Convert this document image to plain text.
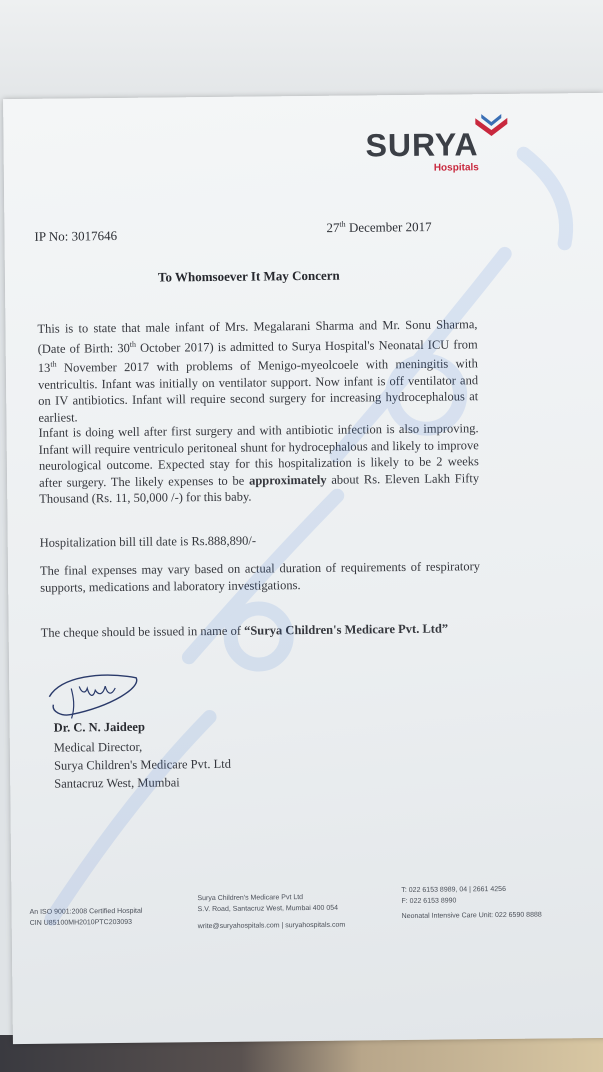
SURYA
Hospitals
IP No: 3017646
27th December 2017
To Whomsoever It May Concern

This is to state that male infant of Mrs. Megalarani Sharma and Mr. Sonu Sharma, (Date of Birth: 30th October 2017) is admitted to Surya Hospital's Neonatal ICU from 13th November 2017 with problems of Menigo-myeolcoele with meningitis with ventricultis. Infant was initially on ventilator support. Now infant is off ventilator and on IV antibiotics. Infant will require second surgery for increasing hydrocephalous at earliest.

Infant is doing well after first surgery and with antibiotic infection is also improving. Infant will require ventriculo peritoneal shunt for hydrocephalous and likely to improve neurological outcome. Expected stay for this hospitalization is likely to be 2 weeks after surgery. The likely expenses to be approximately about Rs. Eleven Lakh Fifty Thousand (Rs. 11, 50,000 /-) for this baby.

Hospitalization bill till date is Rs.888,890/-

The final expenses may vary based on actual duration of requirements of respiratory supports, medications and laboratory investigations.

The cheque should be issued in name of “Surya Children's Medicare Pvt. Ltd”

Dr. C. N. Jaideep
Medical Director,
Surya Children's Medicare Pvt. Ltd
Santacruz West, Mumbai
An ISO 9001:2008 Certified Hospital
CIN U85100MH2010PTC203093
Surya Children's Medicare Pvt Ltd
S.V. Road, Santacruz West, Mumbai 400 054
write@suryahospitals.com | suryahospitals.com
T: 022 6153 8989, 04 | 2661 4256
F: 022 6153 8990
Neonatal Intensive Care Unit: 022 6590 8888
